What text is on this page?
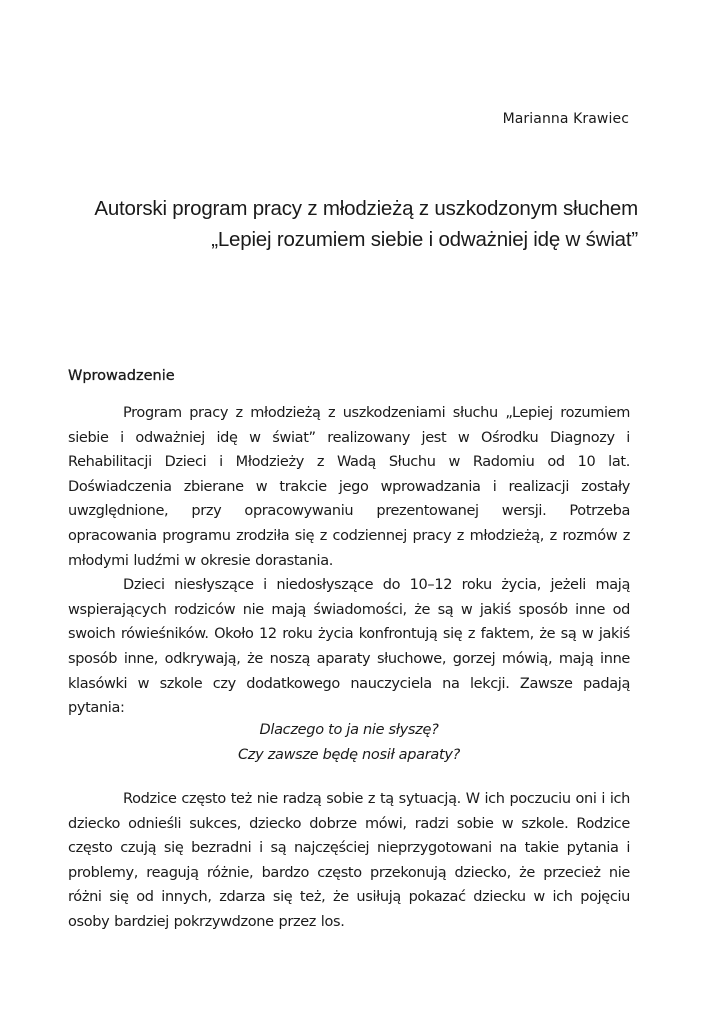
Marianna Krawiec
Autorski program pracy z młodzieżą z uszkodzonym słuchem
„Lepiej rozumiem siebie i odważniej idę w świat”
Wprowadzenie

Program pracy z młodzieżą z uszkodzeniami słuchu „Lepiej rozumiem siebie i odważniej idę w świat” realizowany jest w Ośrodku Diagnozy i Rehabilitacji Dzieci i Młodzieży z Wadą Słuchu w Radomiu od 10 lat. Doświadczenia zbierane w trakcie jego wprowadzania i realizacji zostały uwzględnione, przy opracowywaniu prezentowanej wersji. Potrzeba opracowania programu zrodziła się z codziennej pracy z młodzieżą, z rozmów z młodymi ludźmi w okresie dorastania.

Dzieci niesłyszące i niedosłyszące do 10–12 roku życia, jeżeli mają wspierających rodziców nie mają świadomości, że są w jakiś sposób inne od swoich rówieśników. Około 12 roku życia konfrontują się z faktem, że są w jakiś sposób inne, odkrywają, że noszą aparaty słuchowe, gorzej mówią, mają inne klasówki w szkole czy dodatkowego nauczyciela na lekcji. Zawsze padają pytania:

Dlaczego to ja nie słyszę?
Czy zawsze będę nosił aparaty?

Rodzice często też nie radzą sobie z tą sytuacją. W ich poczuciu oni i ich dziecko odnieśli sukces, dziecko dobrze mówi, radzi sobie w szkole. Rodzice często czują się bezradni i są najczęściej nieprzygotowani na takie pytania i problemy, reagują różnie, bardzo często przekonują dziecko, że przecież nie różni się od innych, zdarza się też, że usiłują pokazać dziecku w ich pojęciu osoby bardziej pokrzywdzone przez los.
